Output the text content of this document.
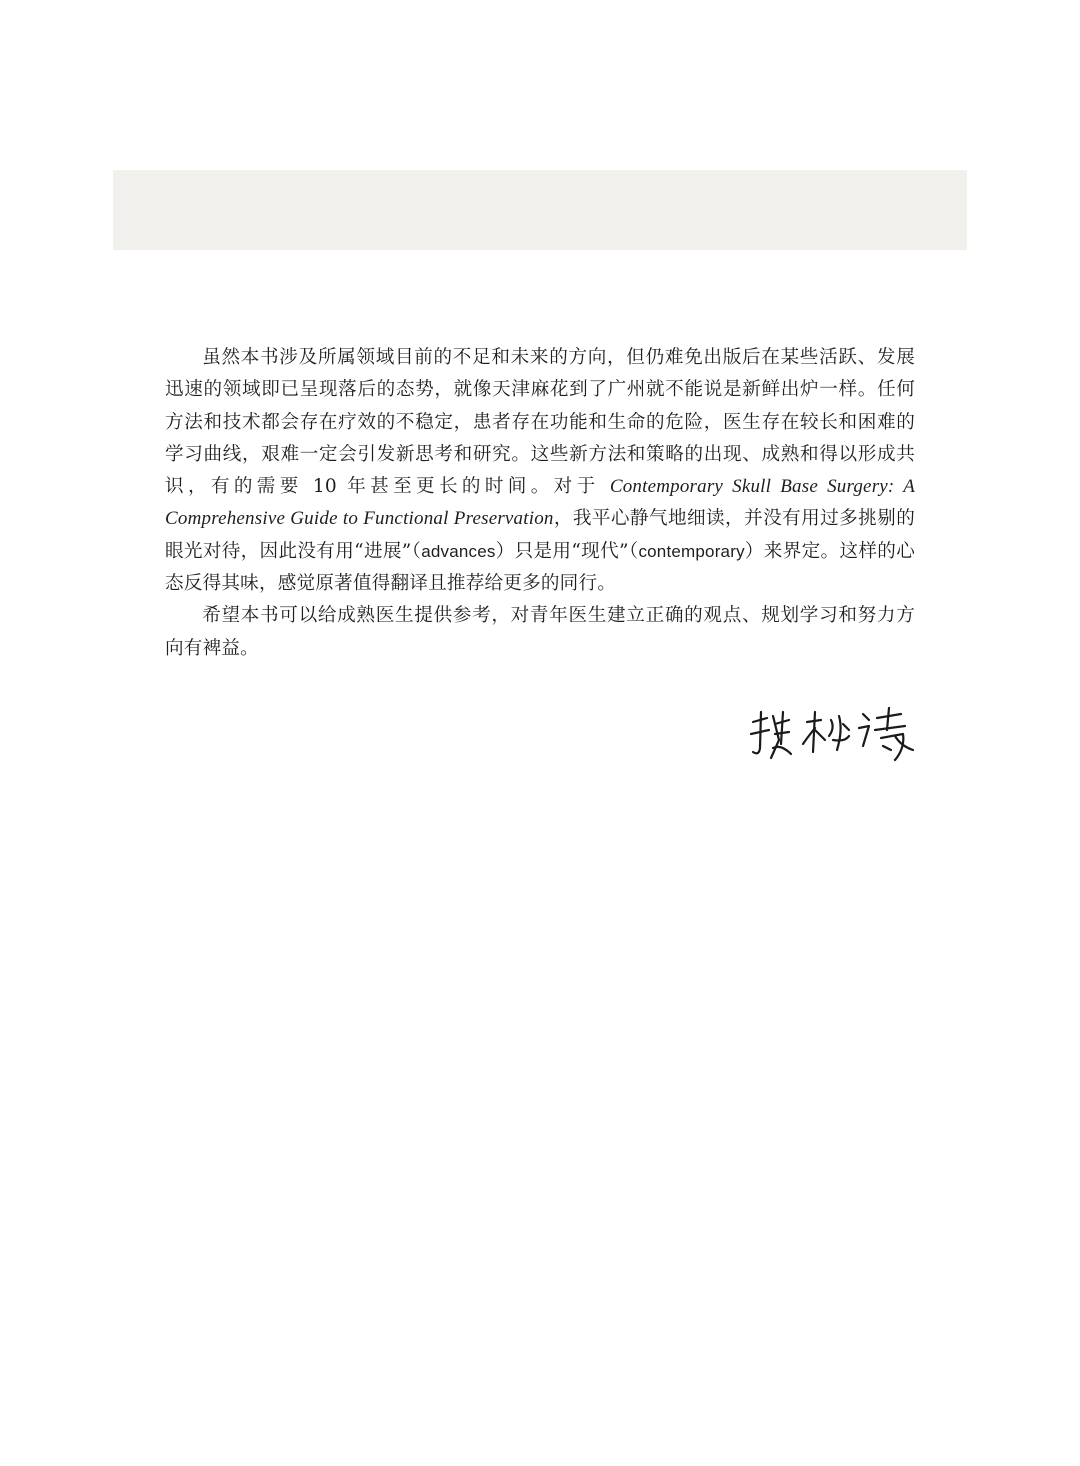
虽然本书涉及所属领域目前的不足和未来的方向，但仍难免出版后在某些活跃、发展迅速的领域即已呈现落后的态势，就像天津麻花到了广州就不能说是新鲜出炉一样。任何方法和技术都会存在疗效的不稳定，患者存在功能和生命的危险，医生存在较长和困难的学习曲线，艰难一定会引发新思考和研究。这些新方法和策略的出现、成熟和得以形成共识，有的需要 10 年甚至更长的时间。对于 Contemporary Skull Base Surgery: A Comprehensive Guide to Functional Preservation，我平心静气地细读，并没有用过多挑剔的眼光对待，因此没有用“进展”（advances）只是用“现代”（contemporary）来界定。这样的心态反得其味，感觉原著值得翻译且推荐给更多的同行。

希望本书可以给成熟医生提供参考，对青年医生建立正确的观点、规划学习和努力方向有裨益。
